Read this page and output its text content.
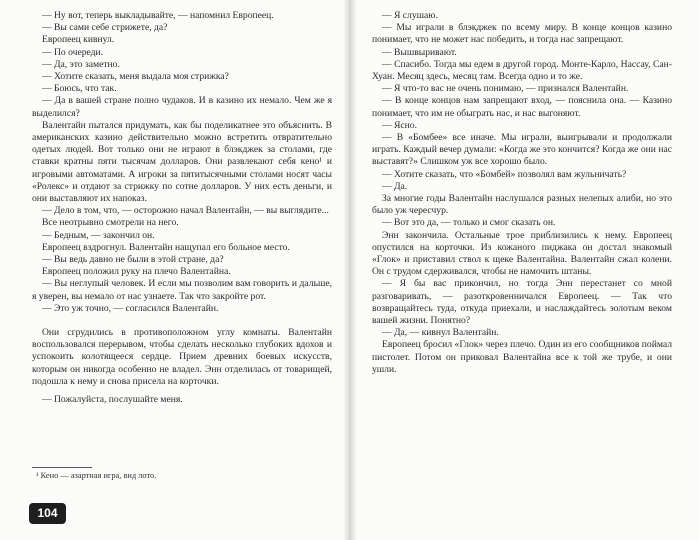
— Ну вот, теперь выкладывайте, — напомнил Европеец.

— Вы сами себе стрижете, да?

Европеец кивнул.

— По очереди.

— Да, это заметно.

— Хотите сказать, меня выдала моя стрижка?

— Боюсь, что так.

— Да в вашей стране полно чудаков. И в казино их немало. Чем же я выделился?

Валентайн пытался придумать, как бы поделикатнее это объяснить. В американских казино действительно можно встретить отвратительно одетых людей. Вот только они не играют в блэкджек за столами, где ставки кратны пяти тысячам долларов. Они развлекают себя кено¹ и игровыми автоматами. А игроки за пятитысячными столами носят часы «Ролекс» и отдают за стрижку по сотне долларов. У них есть деньги, и они выставляют их напоказ.

— Дело в том, что, — осторожно начал Валентайн, — вы выглядите...

Все неотрывно смотрели на него.

— Бедным, — закончил он.

Европеец вздрогнул. Валентайн нащупал его больное место.

— Вы ведь давно не были в этой стране, да?

Европеец положил руку на плечо Валентайна.

— Вы неглупый человек. И если мы позволим вам говорить и дальше, я уверен, вы немало от нас узнаете. Так что закройте рот.

— Это уж точно, — согласился Валентайн.

Они сгрудились в противоположном углу комнаты. Валентайн воспользовался перерывом, чтобы сделать несколько глубоких вдохов и успокоить колотящееся сердце. Прием древних боевых искусств, которым он никогда особенно не владел. Энн отделилась от товарищей, подошла к нему и снова присела на корточки.

— Пожалуйста, послушайте меня.

¹ Кено — азартная игра, вид лото.
104

— Я слушаю.

— Мы играли в блэкджек по всему миру. В конце концов казино понимает, что не может нас победить, и тогда нас запрещают.

— Вышвыривают.

— Спасибо. Тогда мы едем в другой город. Монте-Карло, Нассау, Сан-Хуан. Месяц здесь, месяц там. Всегда одно и то же.

— Я что-то вас не очень понимаю, — признался Валентайн.

— В конце концов нам запрещают вход, — пояснила она. — Казино понимает, что им не обыграть нас, и нас выгоняют.

— Ясно.

— В «Бомбее» все иначе. Мы играли, выигрывали и продолжали играть. Каждый вечер думали: «Когда же это кончится? Когда же они нас выставят?» Слишком уж все хорошо было.

— Хотите сказать, что «Бомбей» позволял вам жульничать?

— Да.

За многие годы Валентайн наслушался разных нелепых алиби, но это было уж чересчур.

— Вот это да, — только и смог сказать он.

Энн закончила. Остальные трое приблизились к нему. Европеец опустился на корточки. Из кожаного пиджака он достал знакомый «Глок» и приставил ствол к щеке Валентайна. Валентайн сжал колени. Он с трудом сдерживался, чтобы не намочить штаны.

— Я бы вас прикончил, но тогда Энн перестанет со мной разговаривать, — разоткровенничался Европеец. — Так что возвращайтесь туда, откуда приехали, и наслаждайтесь золотым веком вашей жизни. Понятно?

— Да, — кивнул Валентайн.

Европеец бросил «Глок» через плечо. Один из его сообщников поймал пистолет. Потом он приковал Валентайна все к той же трубе, и они ушли.
